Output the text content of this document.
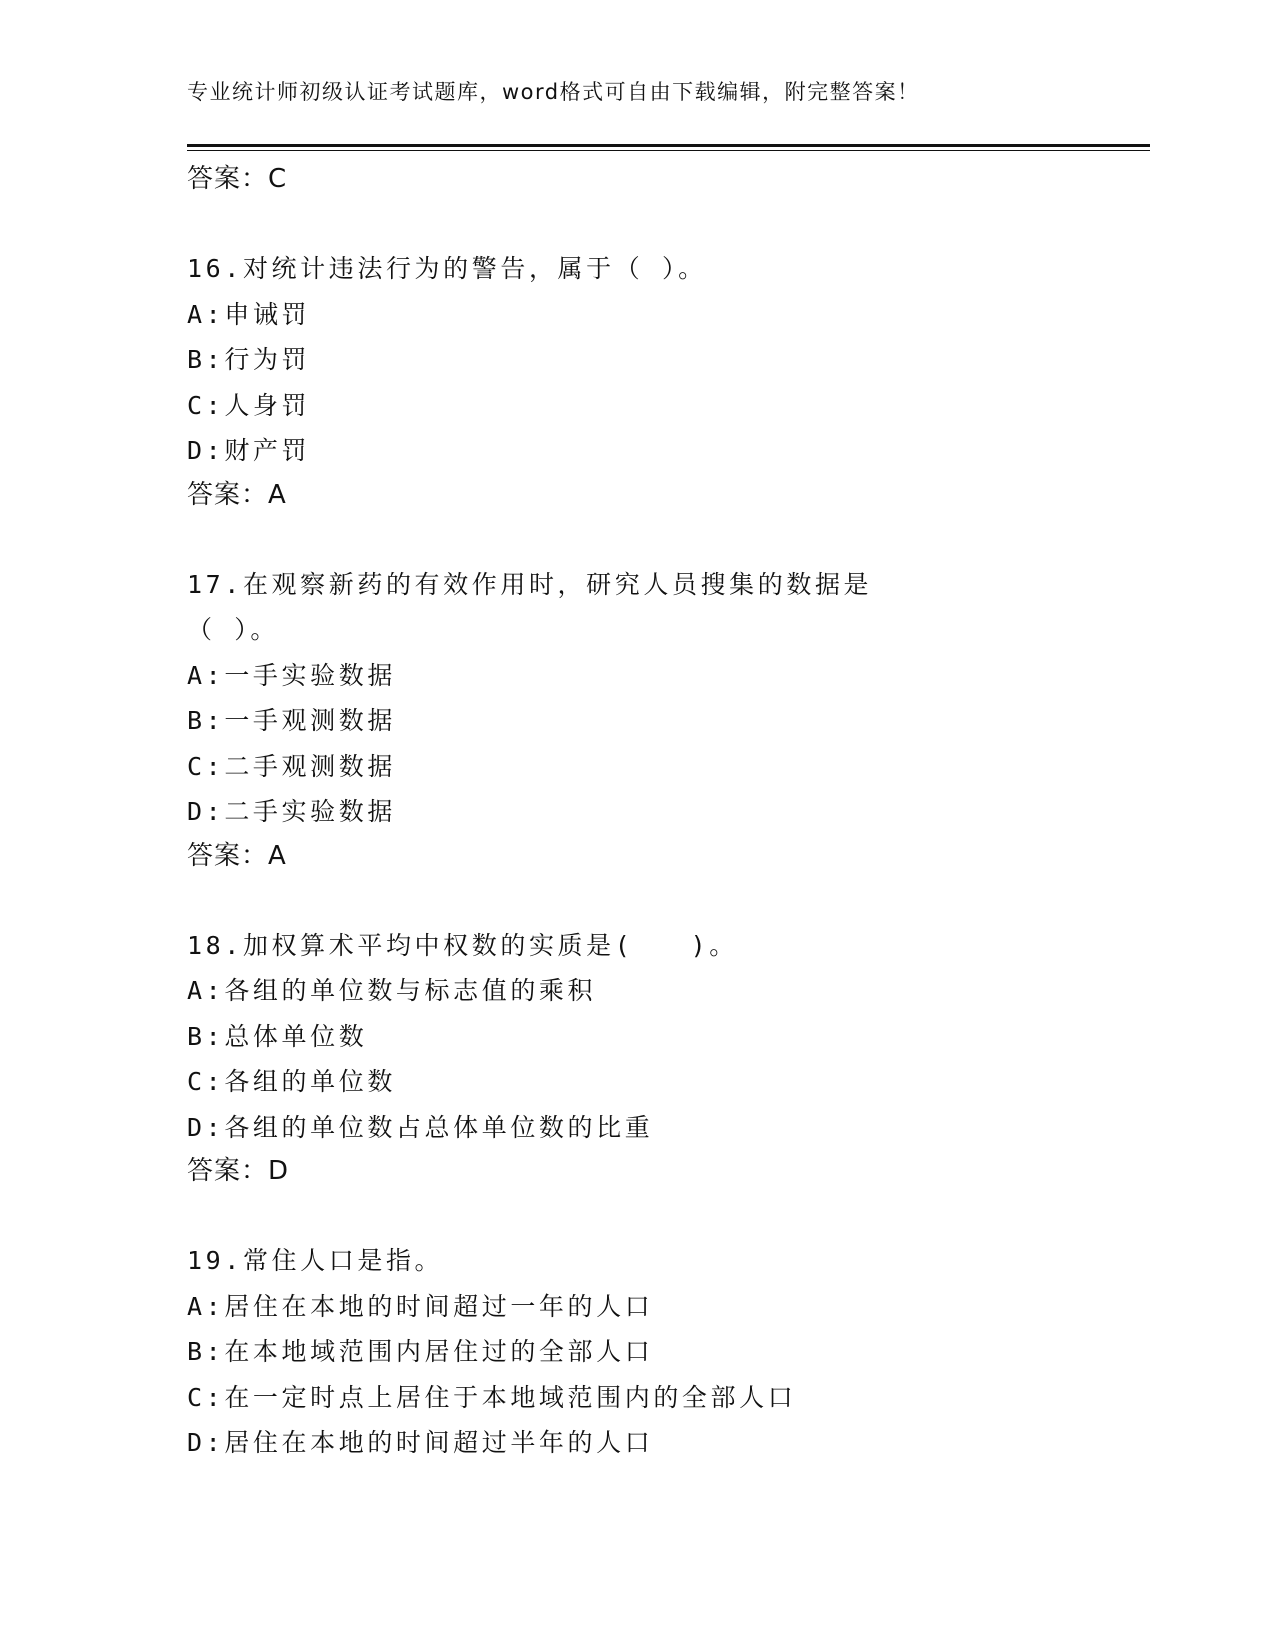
专业统计师初级认证考试题库，word格式可自由下载编辑，附完整答案！
答案：C
16.对统计违法行为的警告，属于（ ）。
A: 申诫罚
B: 行为罚
C: 人身罚
D: 财产罚
答案：A
17.在观察新药的有效作用时，研究人员搜集的数据是（ ）。
A: 一手实验数据
B: 一手观测数据
C: 二手观测数据
D: 二手实验数据
答案：A
18.加权算术平均中权数的实质是(　　)。
A: 各组的单位数与标志值的乘积
B: 总体单位数
C: 各组的单位数
D: 各组的单位数占总体单位数的比重
答案：D
19.常住人口是指。
A: 居住在本地的时间超过一年的人口
B: 在本地域范围内居住过的全部人口
C: 在一定时点上居住于本地域范围内的全部人口
D: 居住在本地的时间超过半年的人口
